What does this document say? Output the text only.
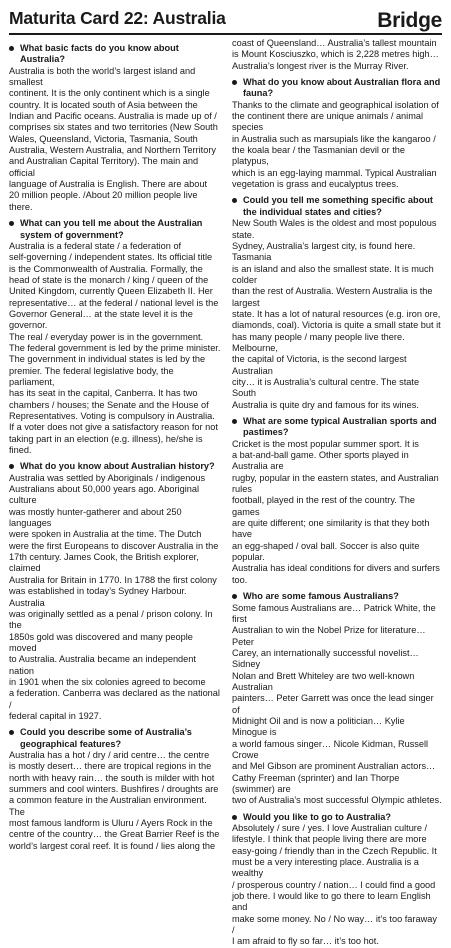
Maturita Card 22: Australia	Bridge
What basic facts do you know about Australia?

Australia is both the world’s largest island and smallest
continent. It is the only continent which is a single
country. It is located south of Asia between the
Indian and Pacific oceans. Australia is made up of /
comprises six states and two territories (New South
Wales, Queensland, Victoria, Tasmania, South
Australia, Western Australia, and Northern Territory
and Australian Capital Territory). The main and official
language of Australia is English. There are about
20 million people. /About 20 million people live there.

What can you tell me about the Australian system of government?

Australia is a federal state / a federation of
self-governing / independent states. Its official title
is the Commonwealth of Australia. Formally, the
head of state is the monarch / king / queen of the
United Kingdom, currently Queen Elizabeth II. Her
representative… at the federal / national level is the
Governor General… at the state level it is the governor.
The real / everyday power is in the government.
The federal government is led by the prime minister.
The government in individual states is led by the
premier. The federal legislative body, the parliament,
has its seat in the capital, Canberra. It has two
chambers / houses; the Senate and the House of
Representatives. Voting is compulsory in Australia.
If a voter does not give a satisfactory reason for not
taking part in an election (e.g. illness), he/she is fined.

What do you know about Australian history?

Australia was settled by Aboriginals / indigenous
Australians about 50,000 years ago. Aboriginal culture
was mostly hunter-gatherer and about 250 languages
were spoken in Australia at the time. The Dutch
were the first Europeans to discover Australia in the
17th century. James Cook, the British explorer, claimed
Australia for Britain in 1770. In 1788 the first colony
was established in today’s Sydney Harbour. Australia
was originally settled as a penal / prison colony. In the
1850s gold was discovered and many people moved
to Australia. Australia became an independent nation
in 1901 when the six colonies agreed to become
a federation. Canberra was declared as the national /
federal capital in 1927.

Could you describe some of Australia’s geographical features?

Australia has a hot / dry / arid centre… the centre
is mostly desert… there are tropical regions in the
north with heavy rain… the south is milder with hot
summers and cool winters. Bushfires / droughts are
a common feature in the Australian environment. The
most famous landform is Uluru / Ayers Rock in the
centre of the country… the Great Barrier Reef is the
world’s largest coral reef. It is found / lies along the

coast of Queensland… Australia’s tallest mountain
is Mount Kosciuszko, which is 2,228 metres high…
Australia’s longest river is the Murray River.

What do you know about Australian flora and fauna?

Thanks to the climate and geographical isolation of
the continent there are unique animals / animal species
in Australia such as marsupials like the kangaroo /
the koala bear / the Tasmanian devil or the platypus,
which is an egg-laying mammal. Typical Australian
vegetation is grass and eucalyptus trees.

Could you tell me something specific about the individual states and cities?

New South Wales is the oldest and most populous state.
Sydney, Australia’s largest city, is found here. Tasmania
is an island and also the smallest state. It is much colder
than the rest of Australia. Western Australia is the largest
state. It has a lot of natural resources (e.g. iron ore,
diamonds, coal). Victoria is quite a small state but it
has many people / many people live there. Melbourne,
the capital of Victoria, is the second largest Australian
city… it is Australia’s cultural centre. The state South
Australia is quite dry and famous for its wines.

What are some typical Australian sports and pastimes?

Cricket is the most popular summer sport. It is
a bat-and-ball game. Other sports played in Australia are
rugby, popular in the eastern states, and Australian rules
football, played in the rest of the country. The games
are quite different; one similarity is that they both have
an egg-shaped / oval ball. Soccer is also quite popular.
Australia has ideal conditions for divers and surfers too.

Who are some famous Australians?

Some famous Australians are… Patrick White, the first
Australian to win the Nobel Prize for literature… Peter
Carey, an internationally successful novelist… Sidney
Nolan and Brett Whiteley are two well-known Australian
painters… Peter Garrett was once the lead singer of
Midnight Oil and is now a politician… Kylie Minogue is
a world famous singer… Nicole Kidman, Russell Crowe
and Mel Gibson are prominent Australian actors…
Cathy Freeman (sprinter) and Ian Thorpe (swimmer) are
two of Australia’s most successful Olympic athletes.

Would you like to go to Australia?

Absolutely / sure / yes. I love Australian culture /
lifestyle. I think that people living there are more
easy-going / friendly than in the Czech Republic. It
must be a very interesting place. Australia is a wealthy
/ prosperous country / nation… I could find a good
job there. I would like to go there to learn English and
make some money. No / No way… it’s too faraway /
I am afraid to fly so far… it’s too hot.
